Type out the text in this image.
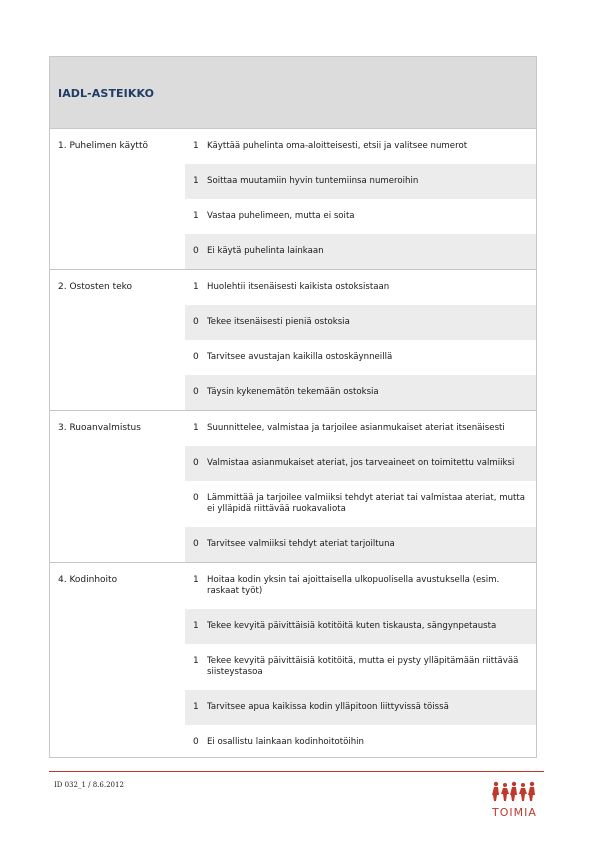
IADL-ASTEIKKO
1. Puhelimen käyttö	1 Käyttää puhelinta oma-aloitteisesti, etsii ja valitsee numerot
1 Soittaa muutamiin hyvin tuntemiinsa numeroihin
1 Vastaa puhelimeen, mutta ei soita
0 Ei käytä puhelinta lainkaan
2. Ostosten teko	1 Huolehtii itsenäisesti kaikista ostoksistaan
0 Tekee itsenäisesti pieniä ostoksia
0 Tarvitsee avustajan kaikilla ostoskäynneillä
0 Täysin kykenemätön tekemään ostoksia
3. Ruoanvalmistus	1 Suunnittelee, valmistaa ja tarjoilee asianmukaiset ateriat itsenäisesti
0 Valmistaa asianmukaiset ateriat, jos tarveaineet on toimitettu valmiiksi
0 Lämmittää ja tarjoilee valmiiksi tehdyt ateriat tai valmistaa ateriat, mutta ei ylläpidä riittävää ruokavaliota
0 Tarvitsee valmiiksi tehdyt ateriat tarjoiltuna
4. Kodinhoito	1 Hoitaa kodin yksin tai ajoittaisella ulkopuolisella avustuksella (esim. raskaat työt)
1 Tekee kevyitä päivittäisiä kotitöitä kuten tiskausta, sängynpetausta
1 Tekee kevyitä päivittäisiä kotitöitä, mutta ei pysty ylläpitämään riittävää siisteystasoa
1 Tarvitsee apua kaikissa kodin ylläpitoon liittyvissä töissä
0 Ei osallistu lainkaan kodinhoitotöihin
ID 032_1 / 8.6.2012
TOIMIA
